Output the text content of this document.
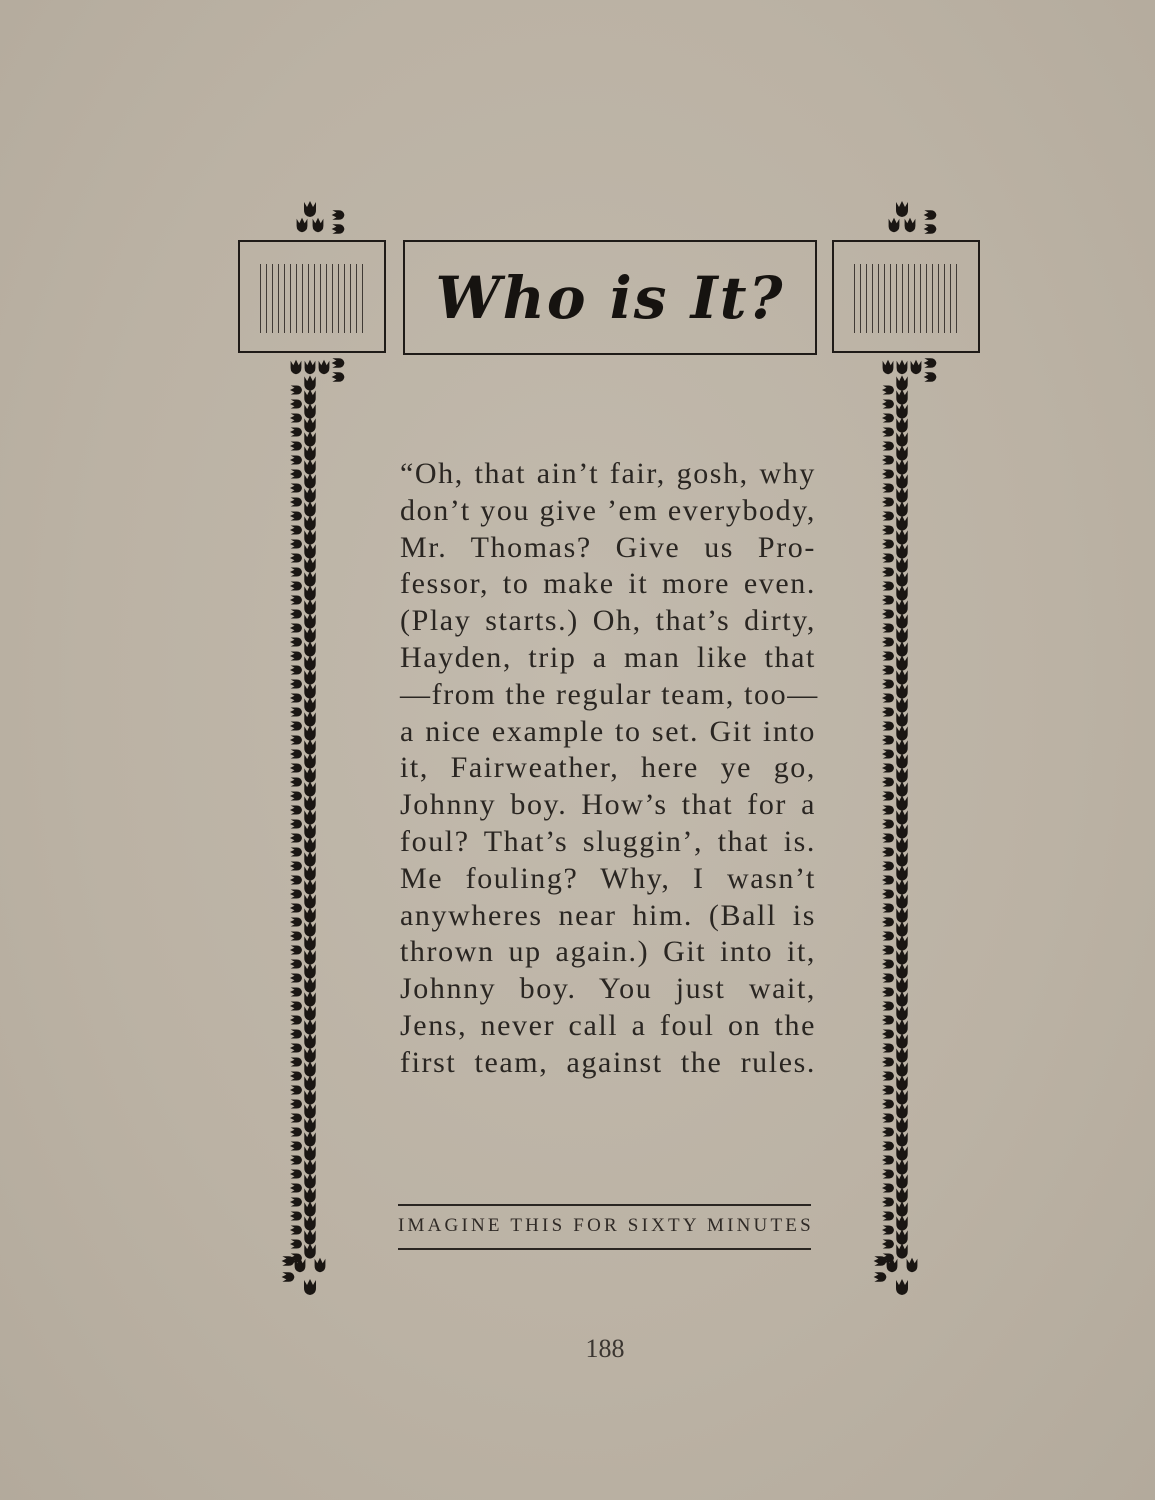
Who is It?
“Oh, that ain’t fair, gosh, why
don’t you give ’em everybody,
Mr. Thomas? Give us Pro-
fessor, to make it more even.
(Play starts.) Oh, that’s dirty,
Hayden, trip a man like that
—from the regular team, too—
a nice example to set. Git into
it, Fairweather, here ye go,
Johnny boy. How’s that for a
foul? That’s sluggin’, that is.
Me fouling? Why, I wasn’t
anywheres near him. (Ball is
thrown up again.) Git into it,
Johnny boy. You just wait,
Jens, never call a foul on the
first team, against the rules.
IMAGINE THIS FOR SIXTY MINUTES
188
